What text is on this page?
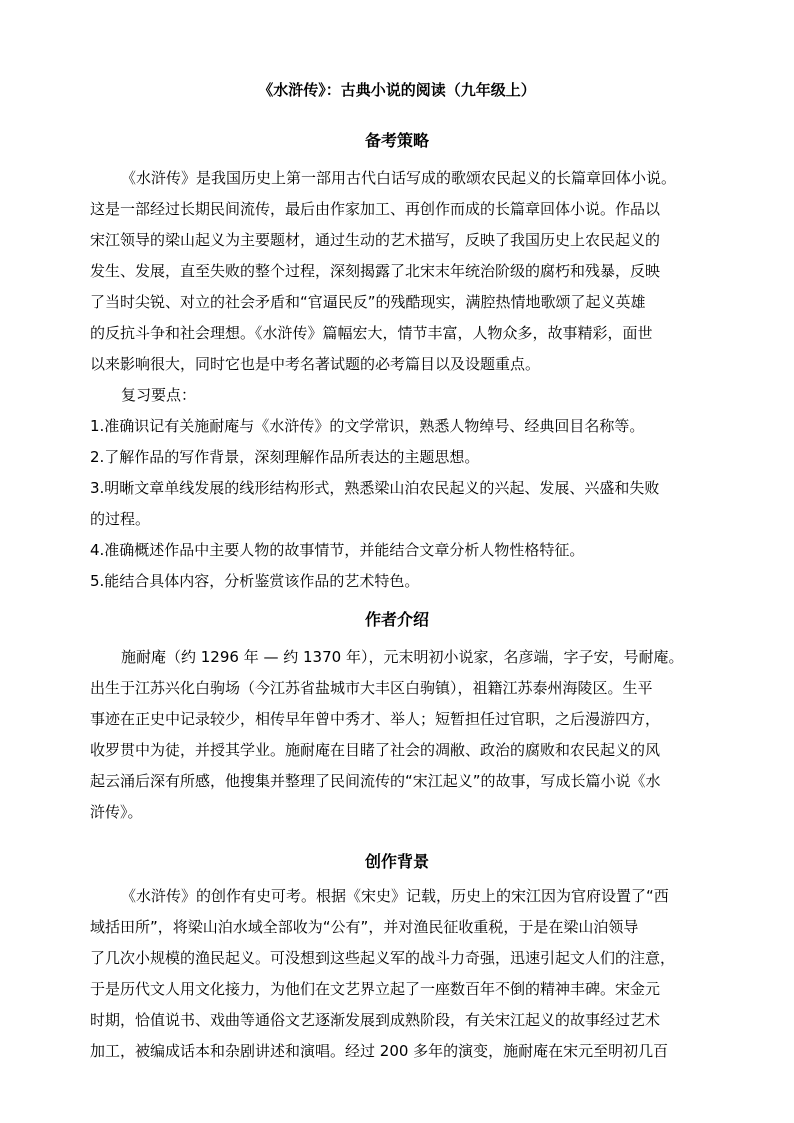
《水浒传》：古典小说的阅读（九年级上）
备考策略
《水浒传》是我国历史上第一部用古代白话写成的歌颂农民起义的长篇章回体小说。
这是一部经过长期民间流传，最后由作家加工、再创作而成的长篇章回体小说。作品以
宋江领导的梁山起义为主要题材，通过生动的艺术描写，反映了我国历史上农民起义的
发生、发展，直至失败的整个过程，深刻揭露了北宋末年统治阶级的腐朽和残暴，反映
了当时尖锐、对立的社会矛盾和“官逼民反”的残酷现实，满腔热情地歌颂了起义英雄
的反抗斗争和社会理想。《水浒传》篇幅宏大，情节丰富，人物众多，故事精彩，面世
以来影响很大，同时它也是中考名著试题的必考篇目以及设题重点。
复习要点：
1.准确识记有关施耐庵与《水浒传》的文学常识，熟悉人物绰号、经典回目名称等。
2.了解作品的写作背景，深刻理解作品所表达的主题思想。
3.明晰文章单线发展的线形结构形式，熟悉梁山泊农民起义的兴起、发展、兴盛和失败
的过程。
4.准确概述作品中主要人物的故事情节，并能结合文章分析人物性格特征。
5.能结合具体内容，分析鉴赏该作品的艺术特色。
作者介绍
施耐庵（约 1296 年 — 约 1370 年），元末明初小说家，名彦端，字子安，号耐庵。
出生于江苏兴化白驹场（今江苏省盐城市大丰区白驹镇），祖籍江苏泰州海陵区。生平
事迹在正史中记录较少，相传早年曾中秀才、举人；短暂担任过官职，之后漫游四方，
收罗贯中为徒，并授其学业。施耐庵在目睹了社会的凋敝、政治的腐败和农民起义的风
起云涌后深有所感，他搜集并整理了民间流传的“宋江起义”的故事，写成长篇小说《水
浒传》。
创作背景
《水浒传》的创作有史可考。根据《宋史》记载，历史上的宋江因为官府设置了“西
域括田所”，将梁山泊水域全部收为“公有”，并对渔民征收重税，于是在梁山泊领导
了几次小规模的渔民起义。可没想到这些起义军的战斗力奇强，迅速引起文人们的注意，
于是历代文人用文化接力，为他们在文艺界立起了一座数百年不倒的精神丰碑。宋金元
时期，恰值说书、戏曲等通俗文艺逐渐发展到成熟阶段，有关宋江起义的故事经过艺术
加工，被编成话本和杂剧讲述和演唱。经过 200 多年的演变，施耐庵在宋元至明初几百
